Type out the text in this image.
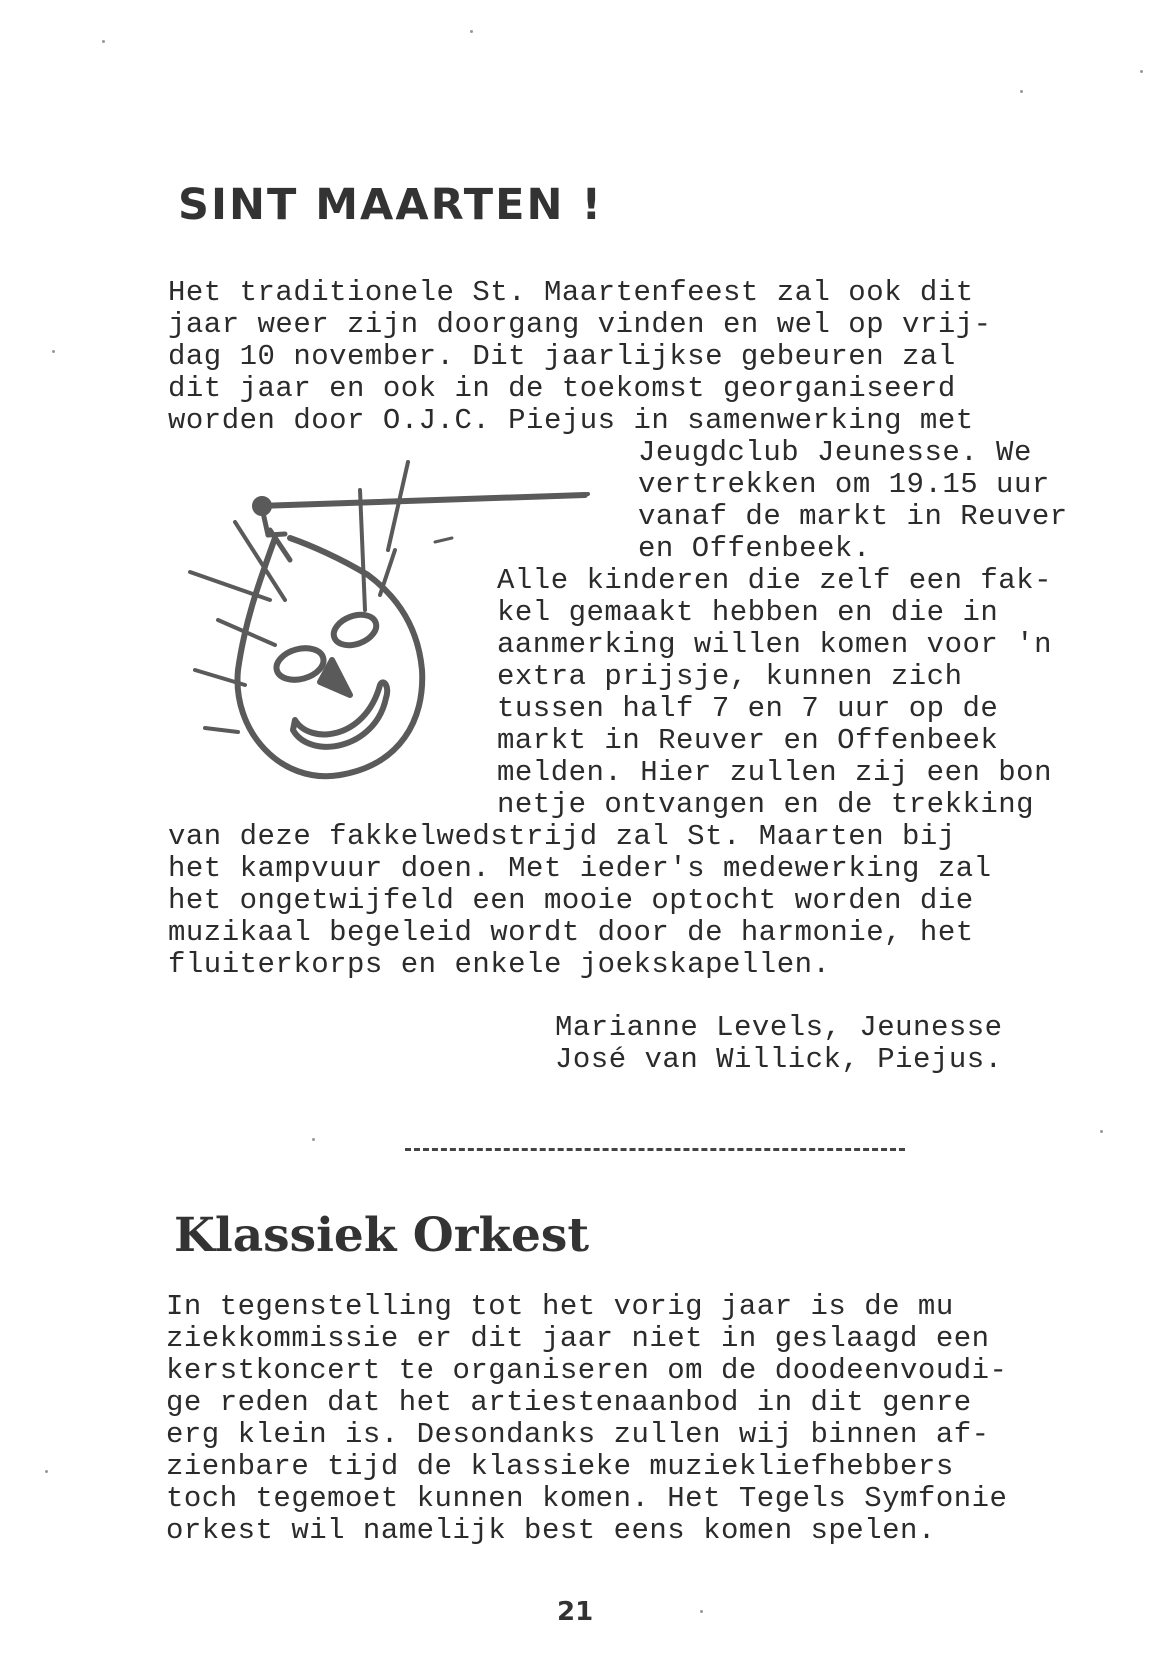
SINT MAARTEN !
Het traditionele St. Maartenfeest zal ook dit
jaar weer zijn doorgang vinden en wel op vrij-
dag 10 november. Dit jaarlijkse gebeuren zal
dit jaar en ook in de toekomst georganiseerd
worden door O.J.C. Piejus in samenwerking met
Jeugdclub Jeunesse. We
vertrekken om 19.15 uur
vanaf de markt in Reuver
en Offenbeek.
Alle kinderen die zelf een fak-
kel gemaakt hebben en die in
aanmerking willen komen voor 'n
extra prijsje, kunnen zich
tussen half 7 en 7 uur op de
markt in Reuver en Offenbeek
melden. Hier zullen zij een bon
netje ontvangen en de trekking
van deze fakkelwedstrijd zal St. Maarten bij
het kampvuur doen. Met ieder's medewerking zal
het ongetwijfeld een mooie optocht worden die
muzikaal begeleid wordt door de harmonie, het
fluiterkorps en enkele joekskapellen.
Marianne Levels, Jeunesse
José van Willick, Piejus.
Klassiek Orkest
In tegenstelling tot het vorig jaar is de mu
ziekkommissie er dit jaar niet in geslaagd een
kerstkoncert te organiseren om de doodeenvoudi-
ge reden dat het artiestenaanbod in dit genre
erg klein is. Desondanks zullen wij binnen af-
zienbare tijd de klassieke muziekliefhebbers
toch tegemoet kunnen komen. Het Tegels Symfonie
orkest wil namelijk best eens komen spelen.
21
